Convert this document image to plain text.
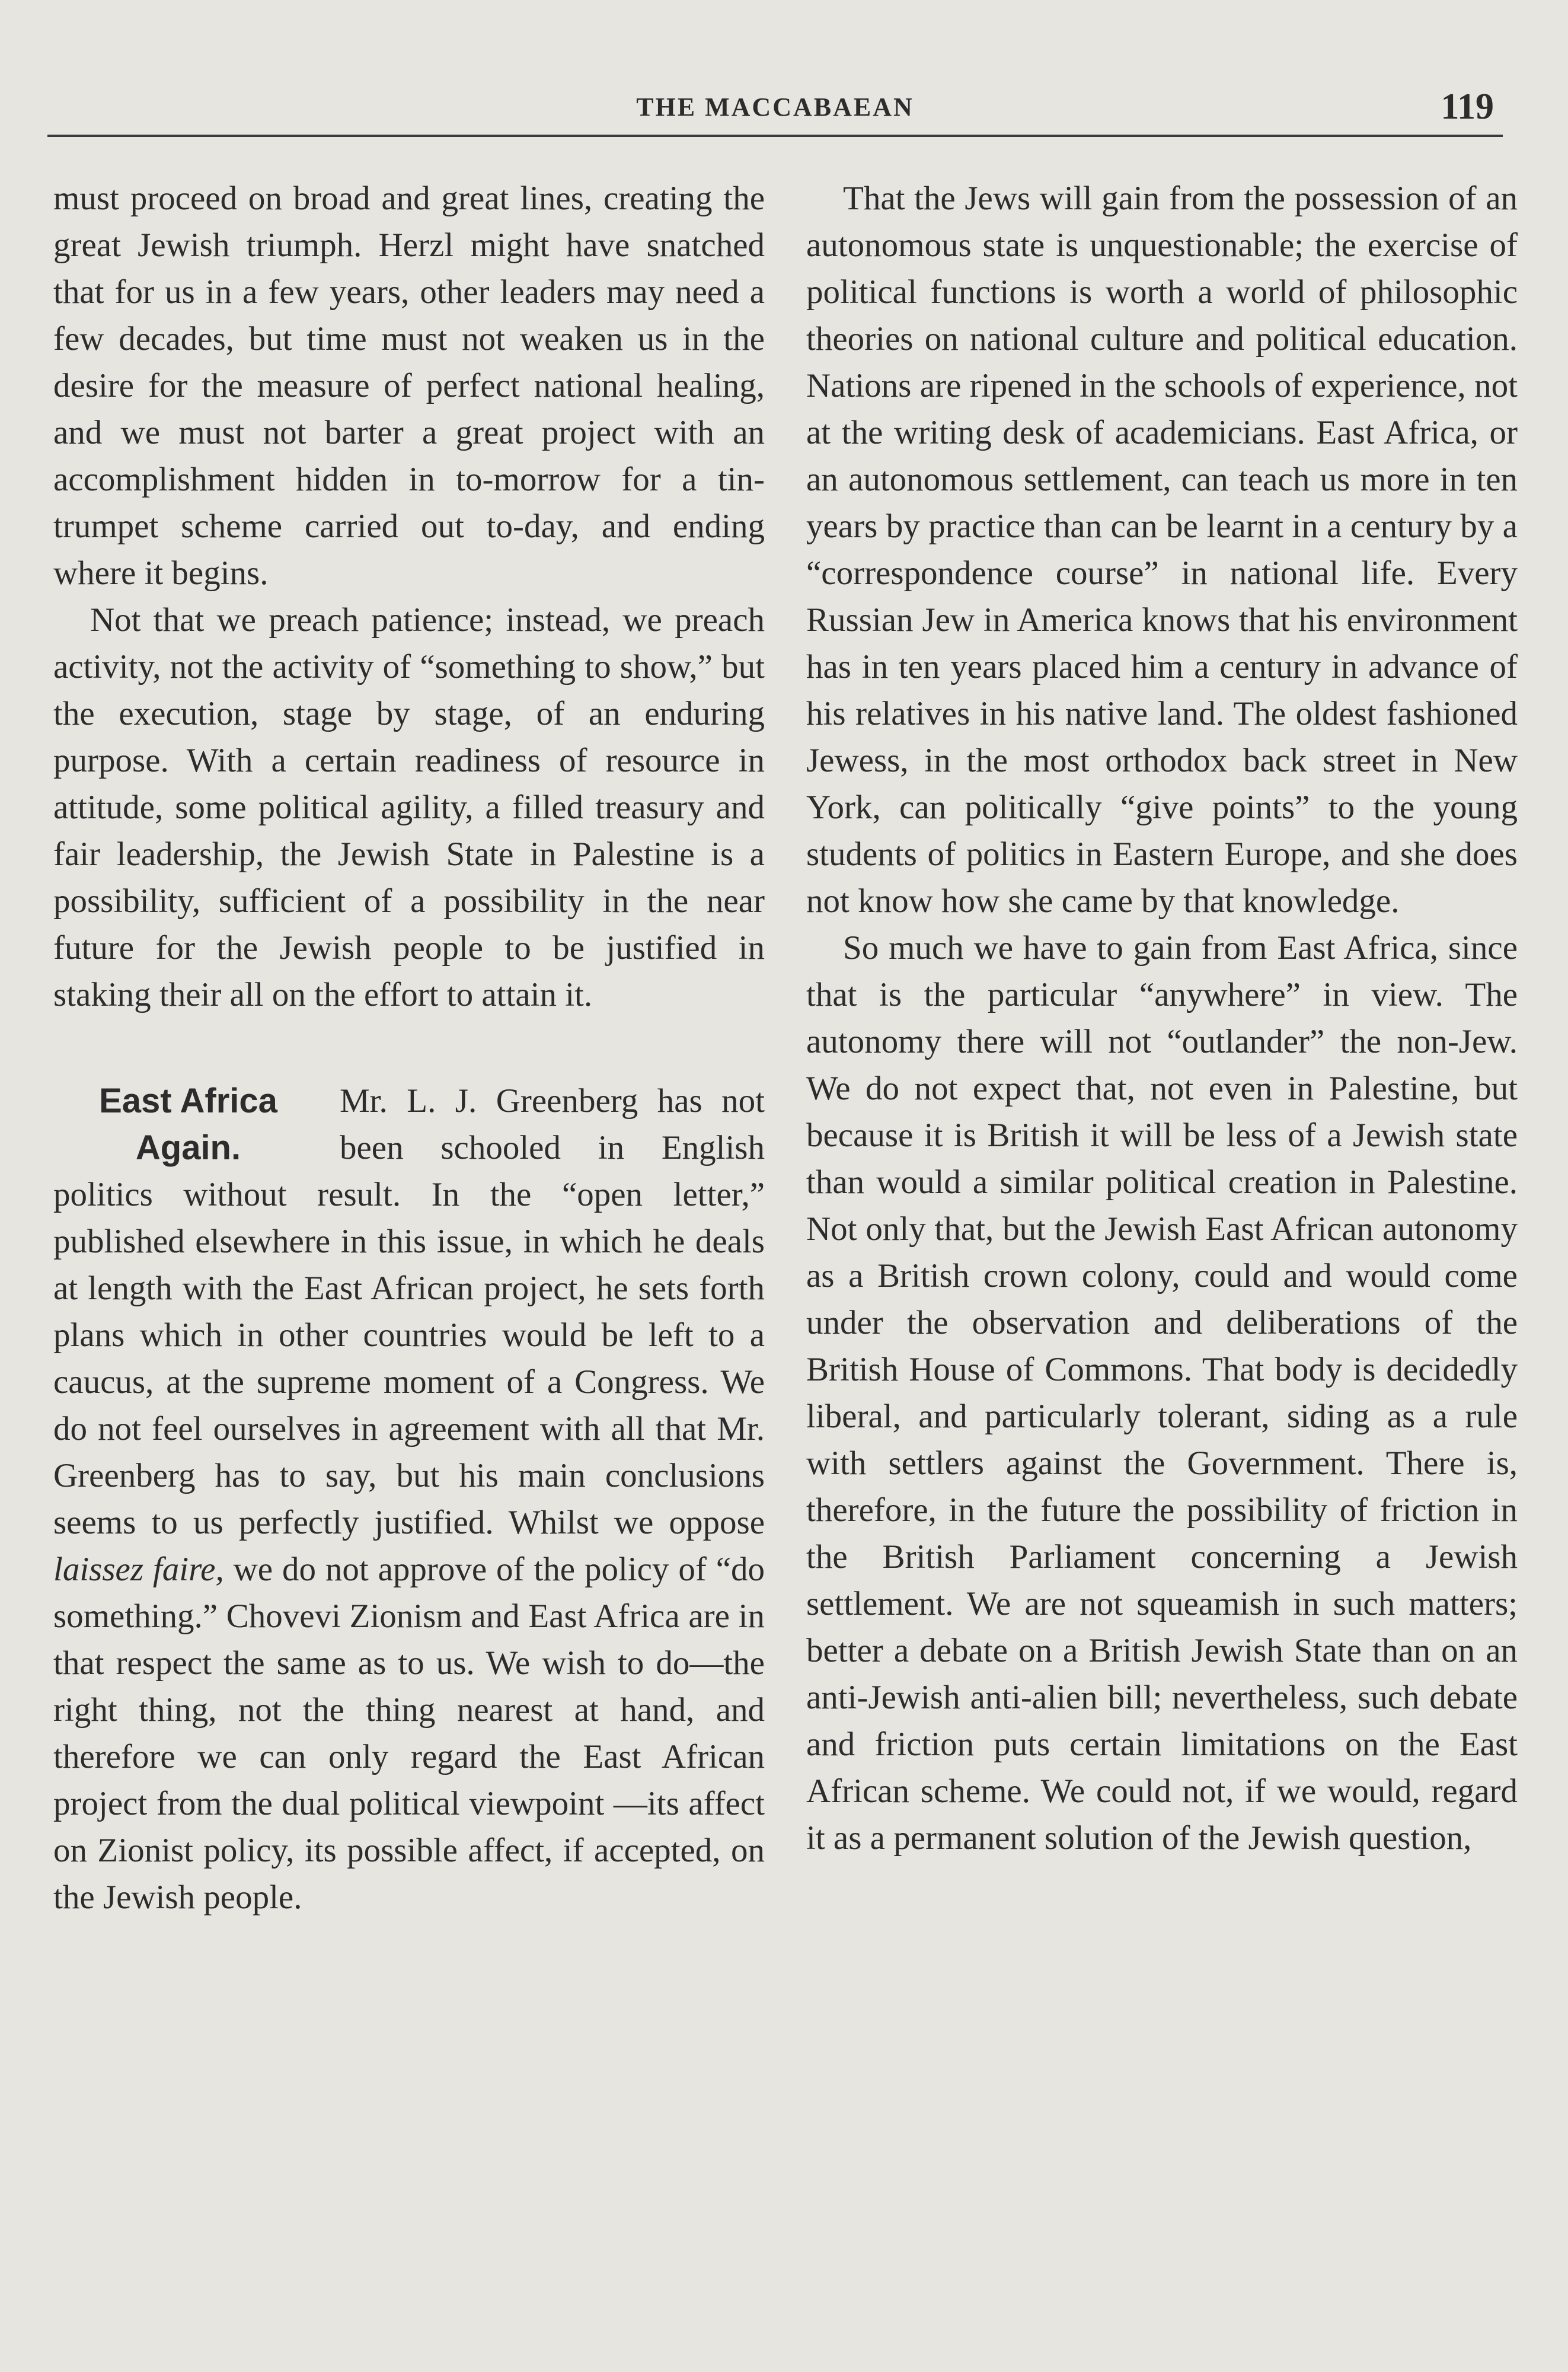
THE MACCABAEAN	119

must proceed on broad and great lines, creating the great Jewish triumph. Herzl might have snatched that for us in a few years, other leaders may need a few decades, but time must not weaken us in the desire for the measure of perfect national healing, and we must not barter a great project with an accomplishment hidden in to-morrow for a tin-trumpet scheme carried out to-day, and ending where it begins.

Not that we preach patience; instead, we preach activity, not the activity of “something to show,” but the execution, stage by stage, of an enduring purpose. With a certain readiness of resource in attitude, some political agility, a filled treasury and fair leadership, the Jewish State in Palestine is a possibility, sufficient of a possibility in the near future for the Jewish people to be justified in staking their all on the effort to attain it.

East Africa
Again.

Mr. L. J. Greenberg has not been schooled in English politics without result. In the “open letter,” published elsewhere in this issue, in which he deals at length with the East African project, he sets forth plans which in other countries would be left to a caucus, at the supreme moment of a Congress. We do not feel ourselves in agreement with all that Mr. Greenberg has to say, but his main conclusions seems to us perfectly justified. Whilst we oppose laissez faire, we do not approve of the policy of “do something.” Chovevi Zionism and East Africa are in that respect the same as to us. We wish to do—the right thing, not the thing nearest at hand, and therefore we can only regard the East African project from the dual political viewpoint —its affect on Zionist policy, its possible affect, if accepted, on the Jewish people.

That the Jews will gain from the possession of an autonomous state is unquestionable; the exercise of political functions is worth a world of philosophic theories on national culture and political education. Nations are ripened in the schools of experience, not at the writing desk of academicians. East Africa, or an autonomous settlement, can teach us more in ten years by practice than can be learnt in a century by a “correspondence course” in national life. Every Russian Jew in America knows that his environment has in ten years placed him a century in advance of his relatives in his native land. The oldest fashioned Jewess, in the most orthodox back street in New York, can politically “give points” to the young students of politics in Eastern Europe, and she does not know how she came by that knowledge.

So much we have to gain from East Africa, since that is the particular “anywhere” in view. The autonomy there will not “outlander” the non-Jew. We do not expect that, not even in Palestine, but because it is British it will be less of a Jewish state than would a similar political creation in Palestine. Not only that, but the Jewish East African autonomy as a British crown colony, could and would come under the observation and deliberations of the British House of Commons. That body is decidedly liberal, and particularly tolerant, siding as a rule with settlers against the Government. There is, therefore, in the future the possibility of friction in the British Parliament concerning a Jewish settlement. We are not squeamish in such matters; better a debate on a British Jewish State than on an anti-Jewish anti-alien bill; nevertheless, such debate and friction puts certain limitations on the East African scheme. We could not, if we would, regard it as a permanent solution of the Jewish question,
